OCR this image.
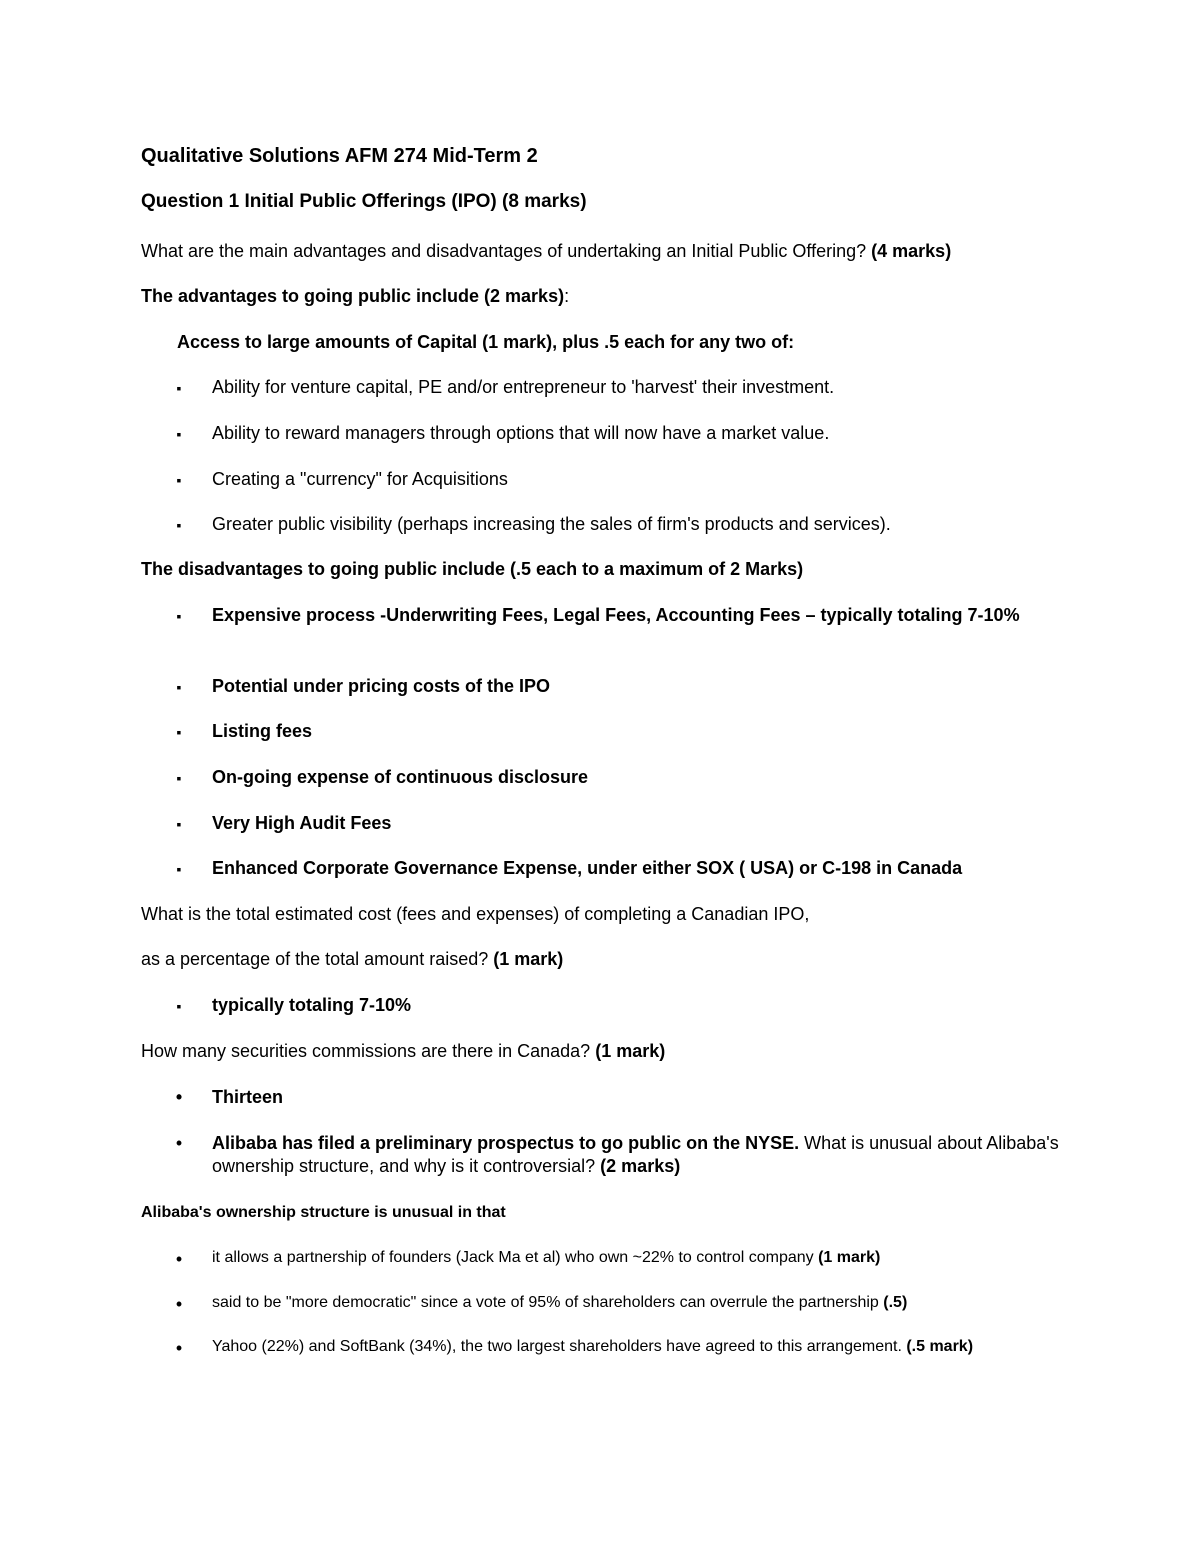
Qualitative Solutions AFM 274 Mid-Term 2

Question 1 Initial Public Offerings (IPO) (8 marks)

What are the main advantages and disadvantages of undertaking an Initial Public Offering? (4 marks)

The advantages to going public include (2 marks):

Access to large amounts of Capital (1 mark), plus .5 each for any two of:

▪ Ability for venture capital, PE and/or entrepreneur to 'harvest' their investment.
▪ Ability to reward managers through options that will now have a market value.
▪ Creating a "currency" for Acquisitions
▪ Greater public visibility (perhaps increasing the sales of firm's products and services).

The disadvantages to going public include (.5 each to a maximum of 2 Marks)

▪ Expensive process -Underwriting Fees, Legal Fees, Accounting Fees – typically totaling 7-10%
▪ Potential under pricing costs of the IPO
▪ Listing fees
▪ On-going expense of continuous disclosure
▪ Very High Audit Fees
▪ Enhanced Corporate Governance Expense, under either SOX ( USA) or C-198 in Canada

What is the total estimated cost (fees and expenses) of completing a Canadian IPO,

as a percentage of the total amount raised? (1 mark)

▪ typically totaling 7-10%

How many securities commissions are there in Canada? (1 mark)

• Thirteen
• Alibaba has filed a preliminary prospectus to go public on the NYSE. What is unusual about Alibaba's ownership structure, and why is it controversial? (2 marks)

Alibaba's ownership structure is unusual in that

• it allows a partnership of founders (Jack Ma et al) who own ~22% to control company (1 mark)
• said to be "more democratic" since a vote of 95% of shareholders can overrule the partnership (.5)
• Yahoo (22%) and SoftBank (34%), the two largest shareholders have agreed to this arrangement. (.5 mark)
